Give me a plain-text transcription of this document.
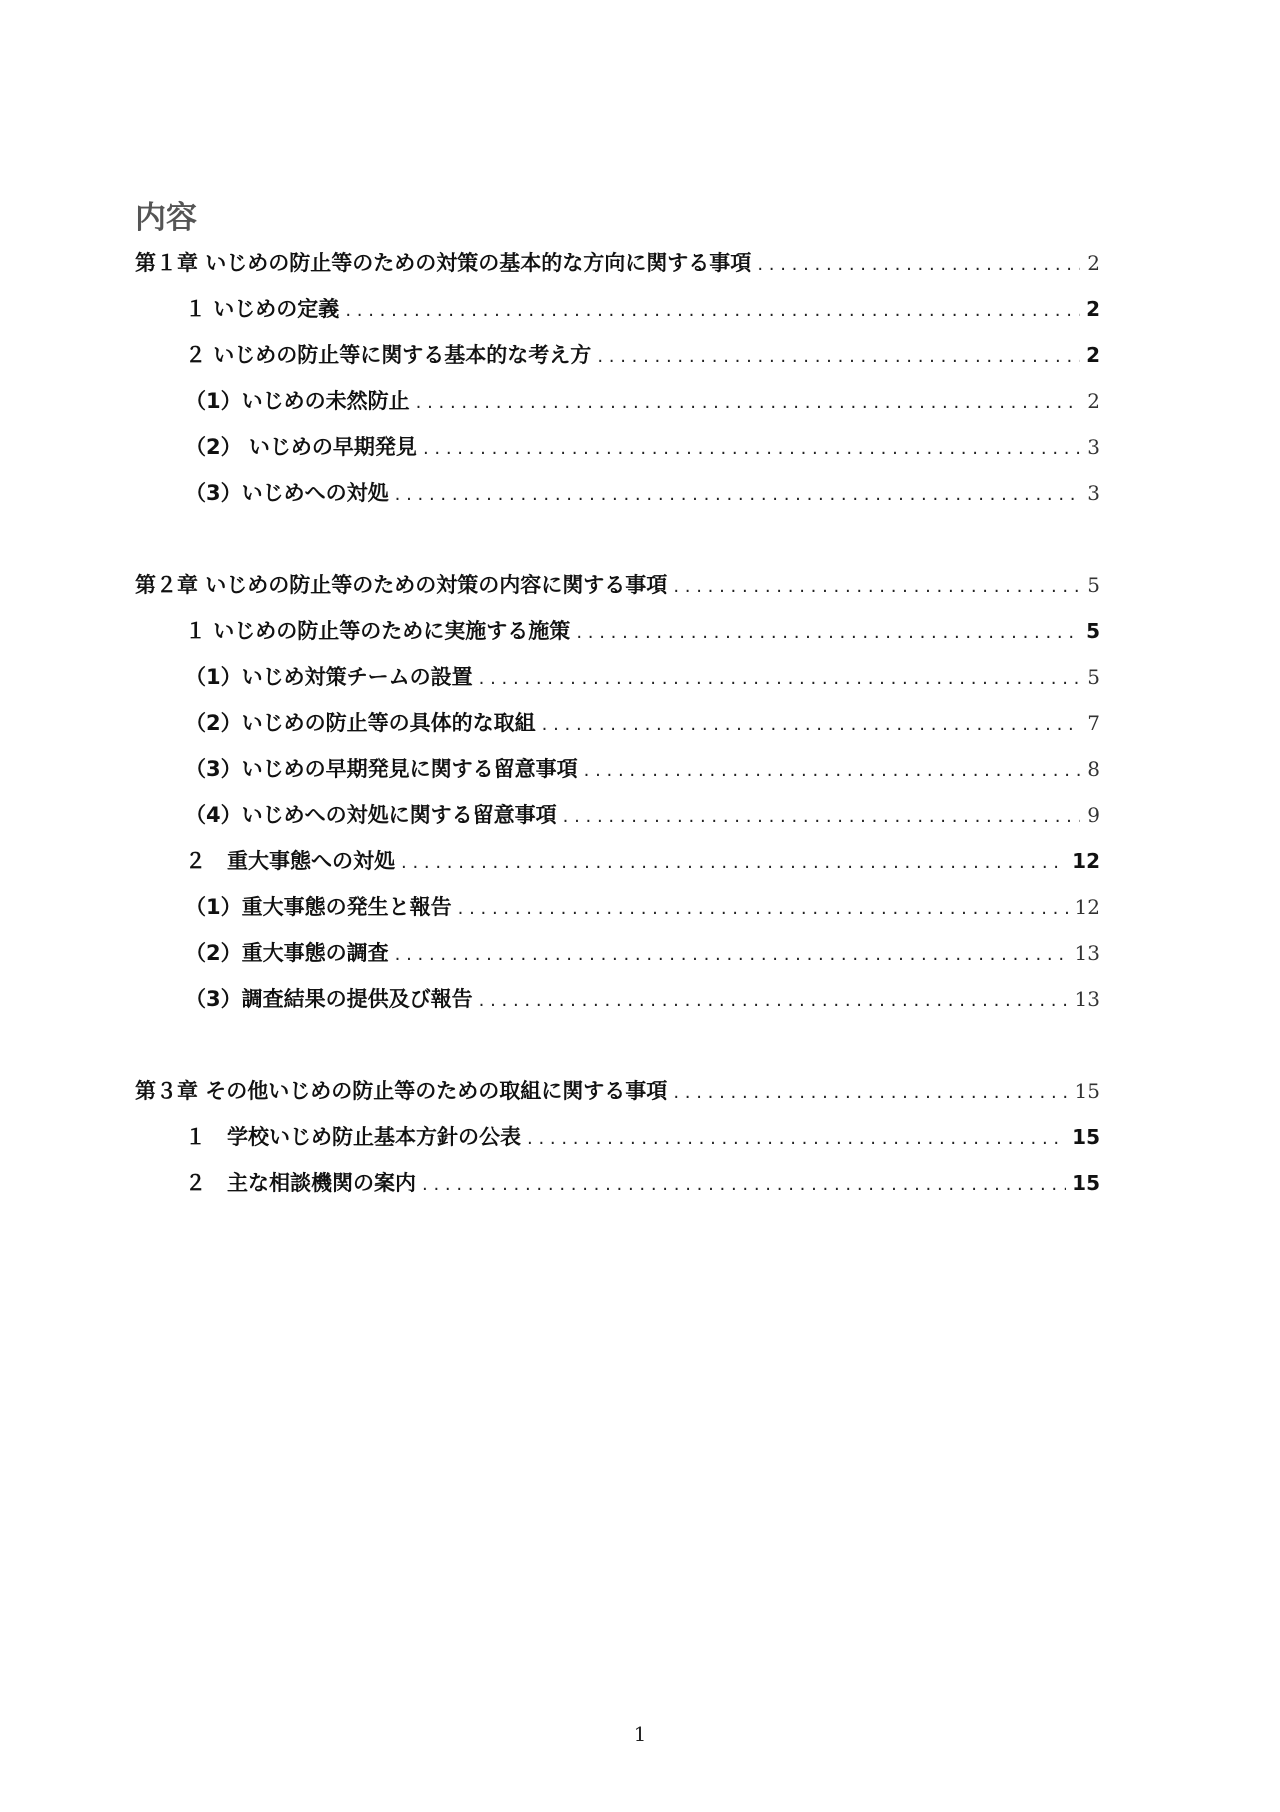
内容
第１章 いじめの防止等のための対策の基本的な方向に関する事項 . . .	2
１ いじめの定義 . . .	2
２ いじめの防止等に関する基本的な考え方 . . .	2
（1）いじめの未然防止 . . .	2
（2） いじめの早期発見 . . .	3
（3）いじめへの対処 . . .	3
第２章 いじめの防止等のための対策の内容に関する事項 . . .	5
１ いじめの防止等のために実施する施策 . . .	5
（1）いじめ対策チームの設置 . . .	5
（2）いじめの防止等の具体的な取組 . . .	7
（3）いじめの早期発見に関する留意事項 . . .	8
（4）いじめへの対処に関する留意事項 . . .	9
２　重大事態への対処 . . .	12
（1）重大事態の発生と報告 . . .	12
（2）重大事態の調査 . . .	13
（3）調査結果の提供及び報告 . . .	13
第３章 その他いじめの防止等のための取組に関する事項 . . .	15
１　学校いじめ防止基本方針の公表 . . .	15
２　主な相談機関の案内 . . .	15
1
